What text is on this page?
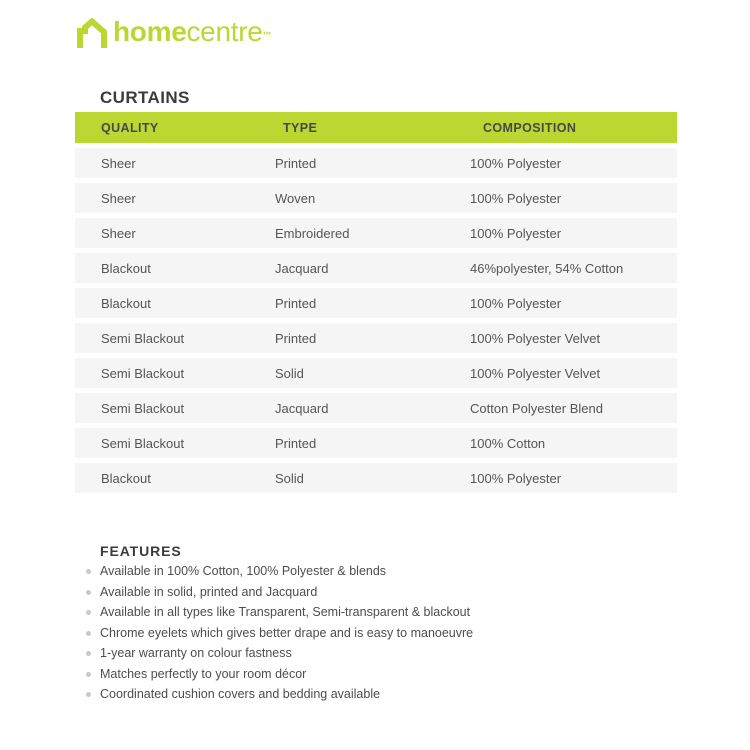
home centre ™
CURTAINS
QUALITY	TYPE	COMPOSITION
Sheer	Printed	100% Polyester
Sheer	Woven	100% Polyester
Sheer	Embroidered	100% Polyester
Blackout	Jacquard	46%polyester, 54% Cotton
Blackout	Printed	100% Polyester
Semi Blackout	Printed	100% Polyester Velvet
Semi Blackout	Solid	100% Polyester Velvet
Semi Blackout	Jacquard	Cotton Polyester Blend
Semi Blackout	Printed	100% Cotton
Blackout	Solid	100% Polyester
FEATURES
Available in 100% Cotton, 100% Polyester & blends
Available in solid, printed and Jacquard
Available in all types like Transparent, Semi-transparent & blackout
Chrome eyelets which gives better drape and is easy to manoeuvre
1-year warranty on colour fastness
Matches perfectly to your room décor
Coordinated cushion covers and bedding available
